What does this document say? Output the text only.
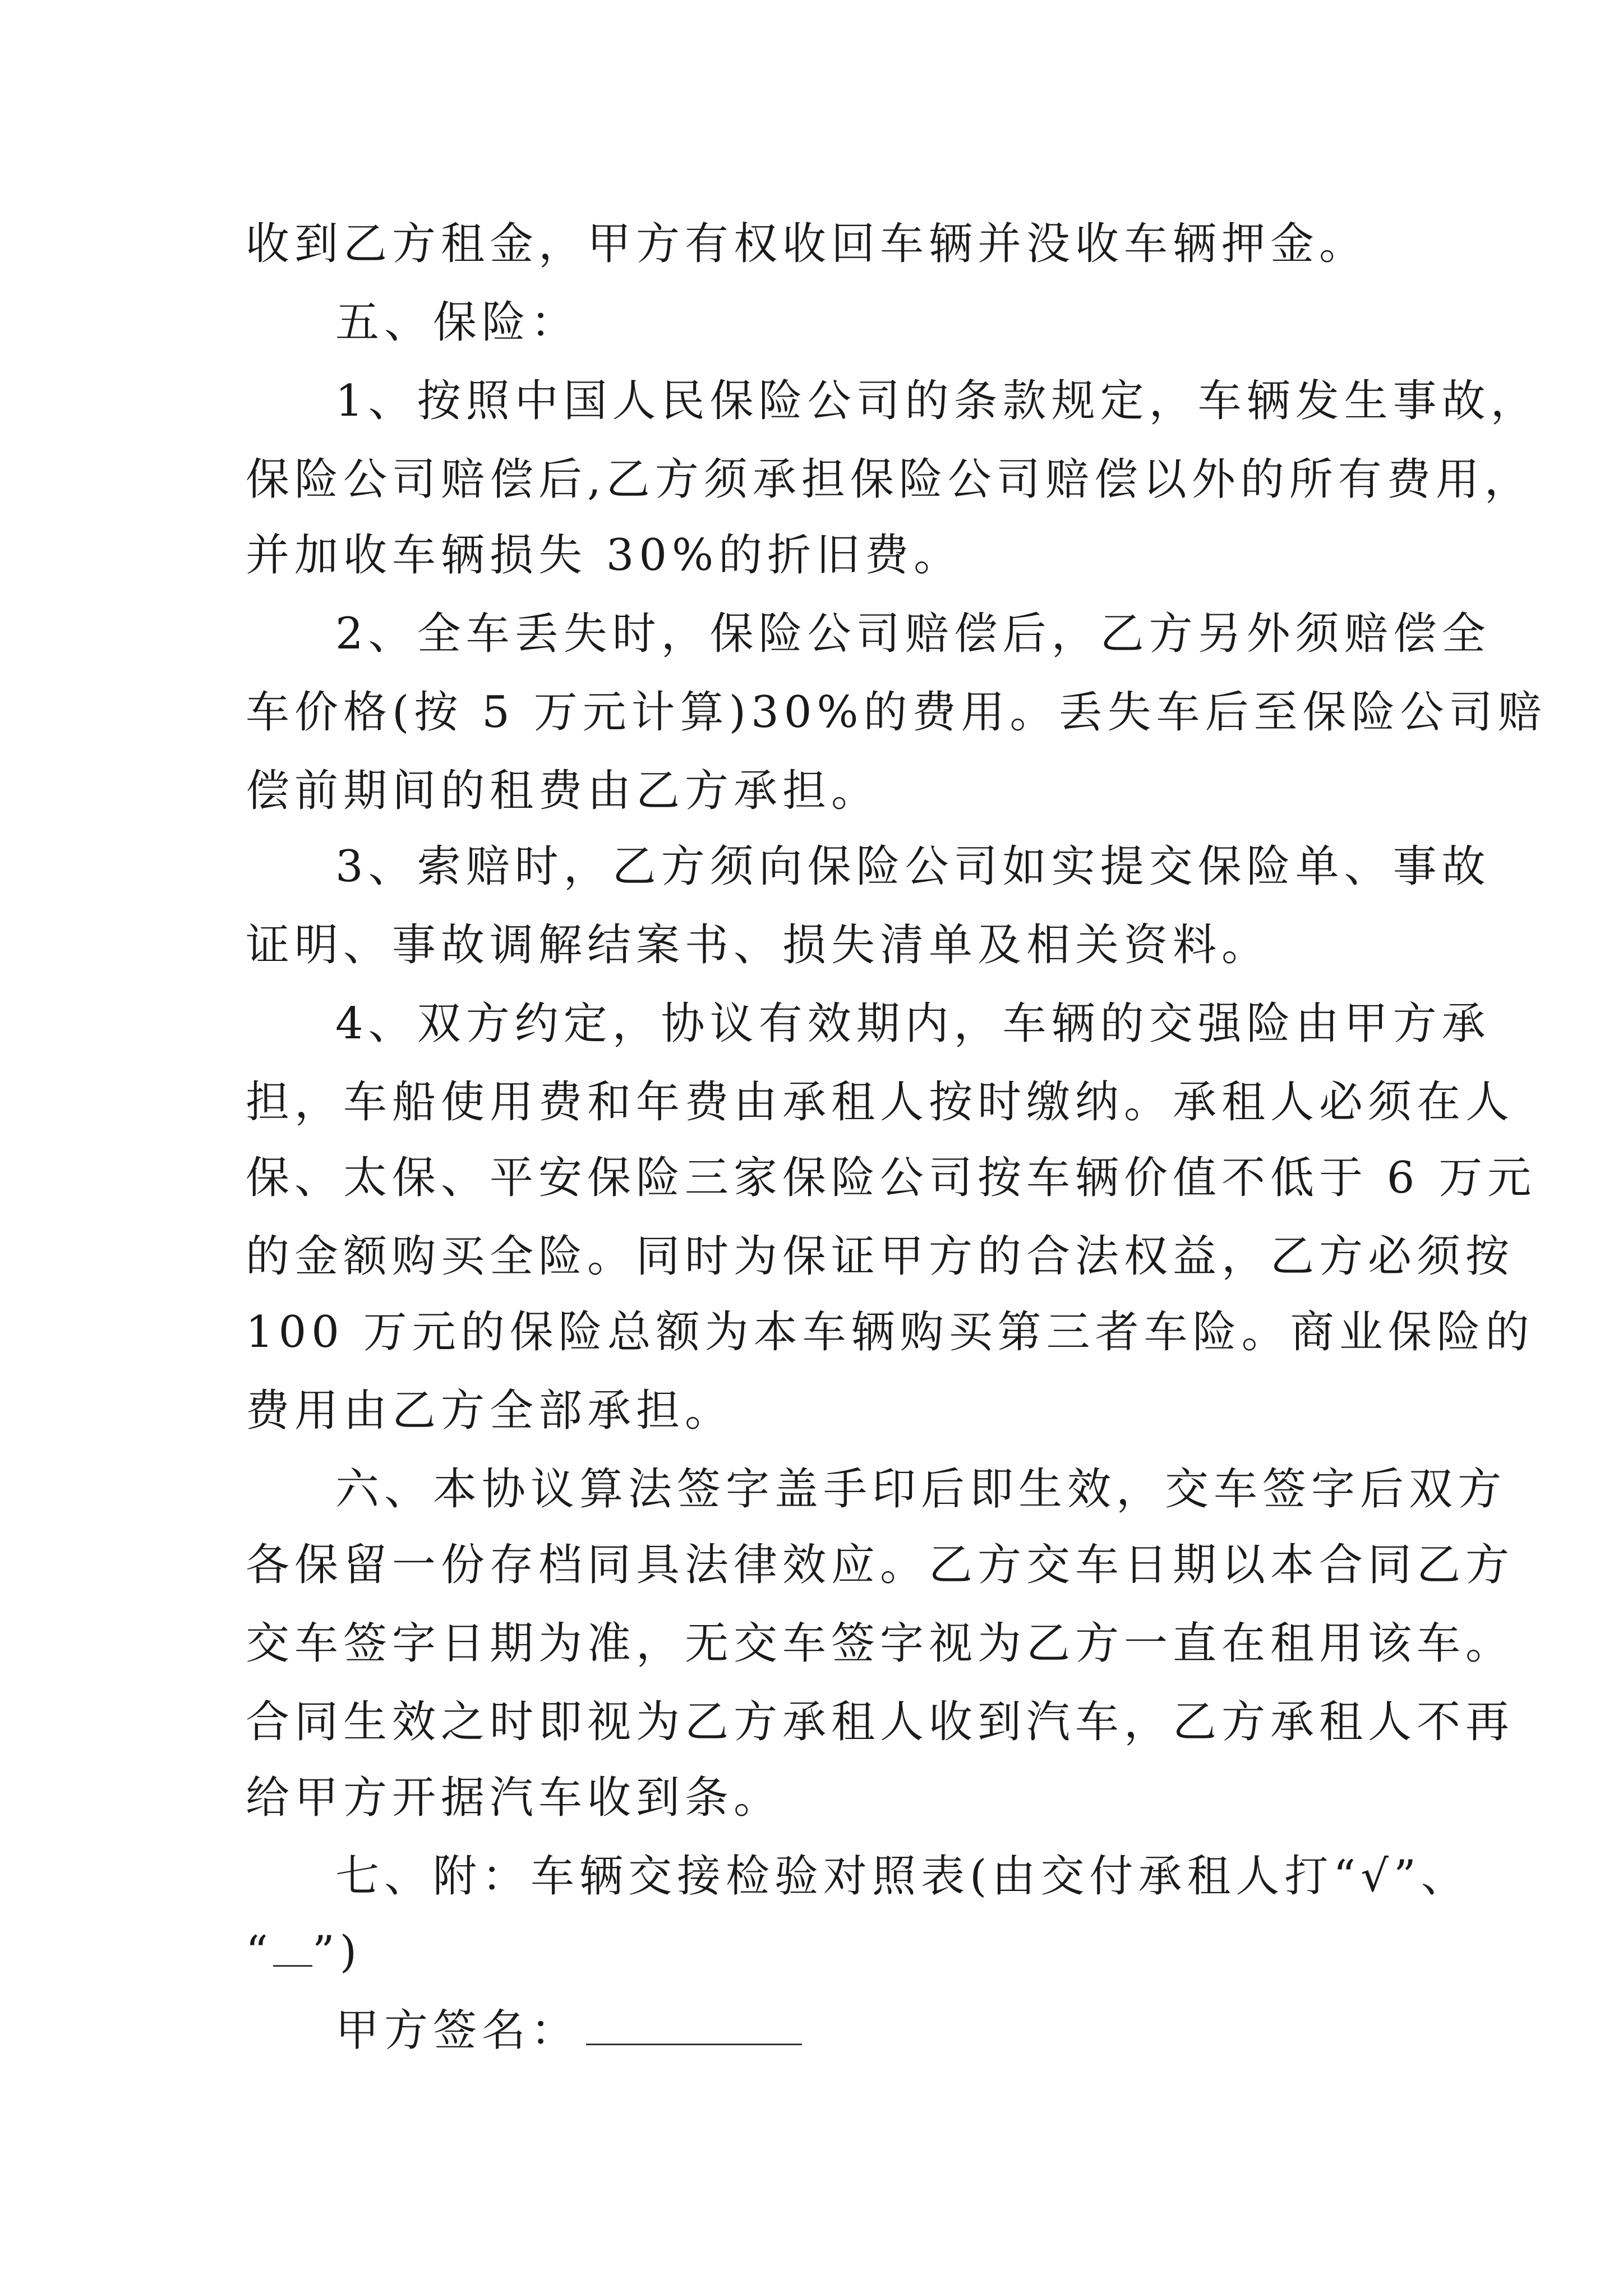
收到乙方租金，甲方有权收回车辆并没收车辆押金。
五、保险：
1、按照中国人民保险公司的条款规定，车辆发生事故，
保险公司赔偿后,乙方须承担保险公司赔偿以外的所有费用，
并加收车辆损失 30%的折旧费。
2、全车丢失时，保险公司赔偿后，乙方另外须赔偿全
车价格(按 5 万元计算)30%的费用。丢失车后至保险公司赔
偿前期间的租费由乙方承担。
3、索赔时，乙方须向保险公司如实提交保险单、事故
证明、事故调解结案书、损失清单及相关资料。
4、双方约定，协议有效期内，车辆的交强险由甲方承
担，车船使用费和年费由承租人按时缴纳。承租人必须在人
保、太保、平安保险三家保险公司按车辆价值不低于 6 万元
的金额购买全险。同时为保证甲方的合法权益，乙方必须按
100 万元的保险总额为本车辆购买第三者车险。商业保险的
费用由乙方全部承担。
六、本协议算法签字盖手印后即生效，交车签字后双方
各保留一份存档同具法律效应。乙方交车日期以本合同乙方
交车签字日期为准，无交车签字视为乙方一直在租用该车。
合同生效之时即视为乙方承租人收到汽车，乙方承租人不再
给甲方开据汽车收到条。
七、附：车辆交接检验对照表(由交付承租人打“√”、
“ ”)
甲方签名：
